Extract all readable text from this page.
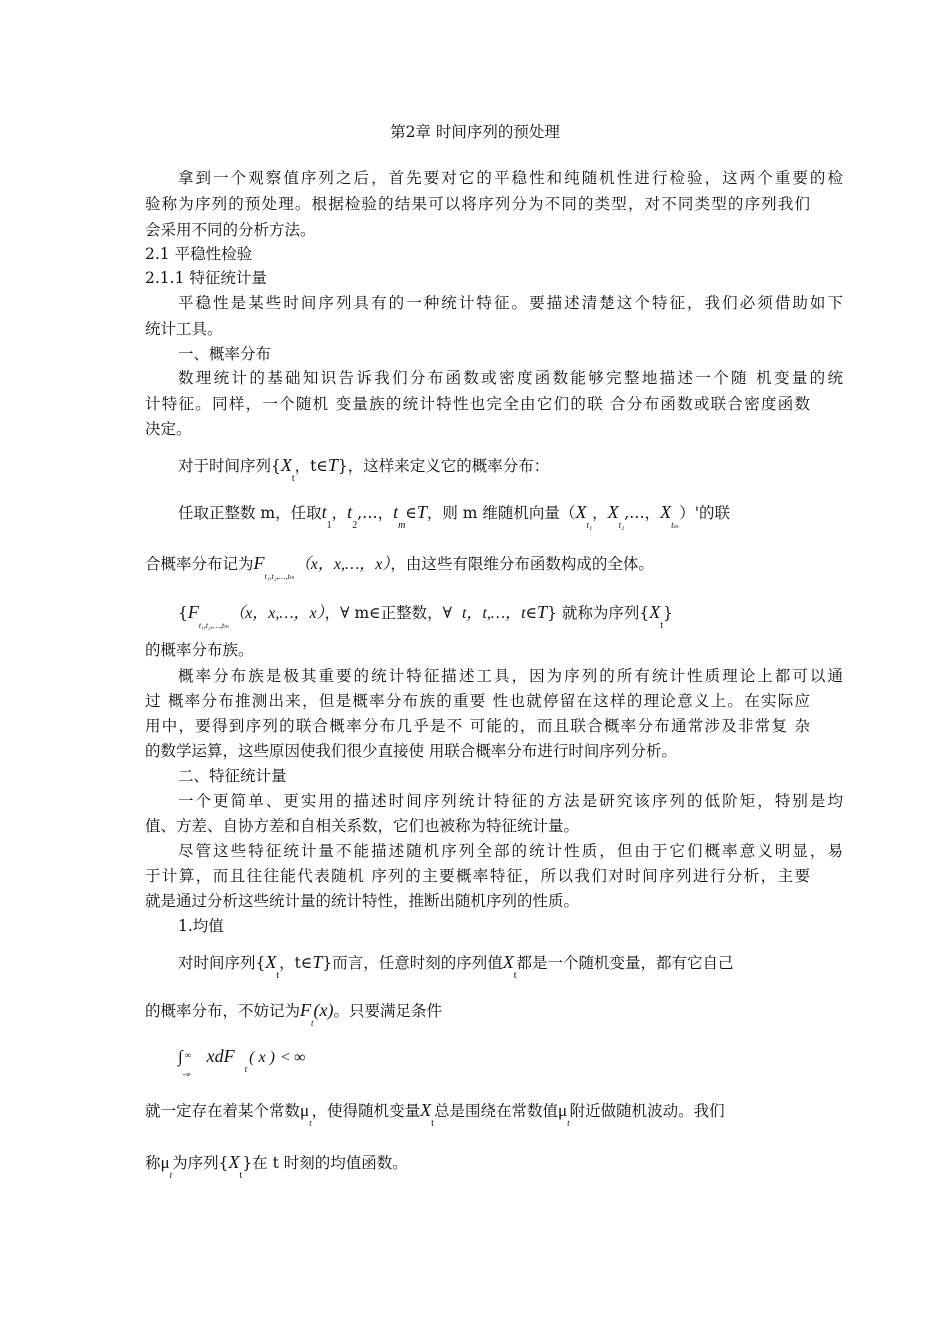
第2章 时间序列的预处理
拿到一个观察值序列之后，首先要对它的平稳性和纯随机性进行检验，这两个重要的检
验称为序列的预处理。根据检验的结果可以将序列分为不同的类型，对不同类型的序列我们
会采用不同的分析方法。
2.1 平稳性检验
2.1.1 特征统计量
平稳性是某些时间序列具有的一种统计特征。要描述清楚这个特征，我们必须借助如下
统计工具。
一、概率分布
数理统计的基础知识告诉我们分布函数或密度函数能够完整地描述一个随 机变量的统
计特征。同样，一个随机 变量族的统计特性也完全由它们的联 合分布函数或联合密度函数
决定。
对于时间序列{$X_t$，t∈T}，这样来定义它的概率分布：
任取正整数 m，任取$t_1$，$t_2,\dots$，$t_m\in T$，则 m 维随机向量（$X_{t_1}$，$X_{t_2},\dots$，$X_{t_m})'$的联
合概率分布记为$F_{t_1,t_2,\dots,t_m}(x$，x,…，x），由这些有限维分布函数构成的全体。
{$F_{t_1,t_2,\dots,t_m}(x$，x,…，x），∀ m∈正整数，∀ t，t,…，t∈T} 就称为序列$\{X_t\}$
的概率分布族。
概率分布族是极其重要的统计特征描述工具，因为序列的所有统计性质理论上都可以通
过 概率分布推测出来，但是概率分布族的重要 性也就停留在这样的理论意义上。在实际应
用中，要得到序列的联合概率分布几乎是不 可能的，而且联合概率分布通常涉及非常复 杂
的数学运算，这些原因使我们很少直接使 用联合概率分布进行时间序列分析。
二、特征统计量
一个更简单、更实用的描述时间序列统计特征的方法是研究该序列的低阶矩，特别是均
值、方差、自协方差和自相关系数，它们也被称为特征统计量。
尽管这些特征统计量不能描述随机序列全部的统计性质，但由于它们概率意义明显，易
于计算，而且往往能代表随机 序列的主要概率特征，所以我们对时间序列进行分析，主要
就是通过分析这些统计量的统计特性，推断出随机序列的性质。
1.均值
对时间序列{$X_t$，t∈T}而言，任意时刻的序列值$X_t$都是一个随机变量，都有它自己
的概率分布，不妨记为$F_t(x)$。只要满足条件
∫ ∞
-∞
xdF$_t$( x ) < ∞
就一定存在着某个常数$\mu_t$，使得随机变量$X_t$总是围绕在常数值$\mu_t$附近做随机波动。我们
称$\mu_t$为序列$\{X_t\}$在 t 时刻的均值函数。
